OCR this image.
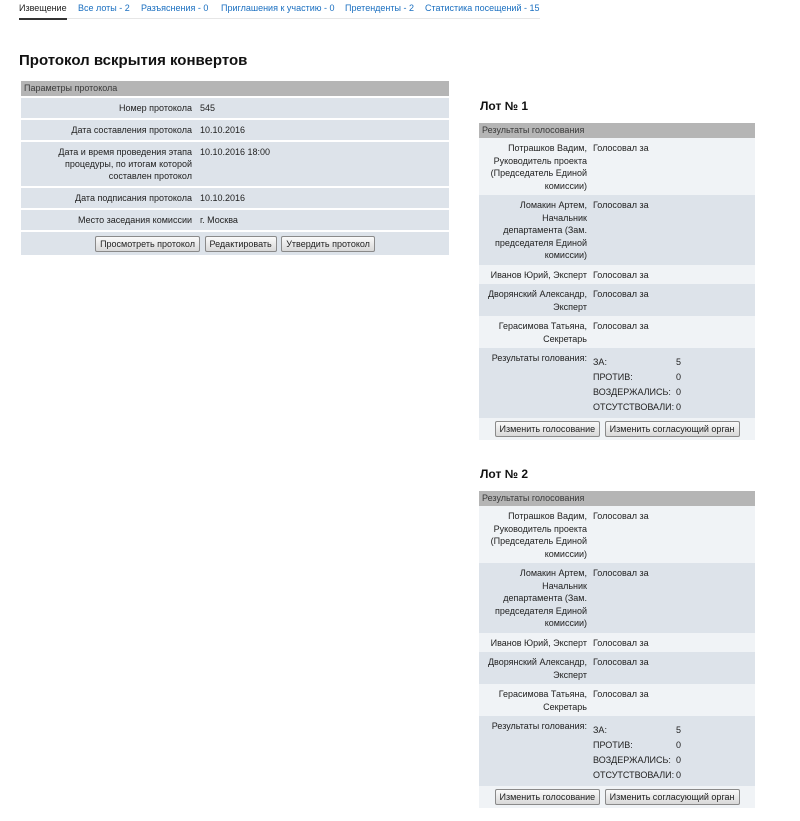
Извещение Все лоты - 2 Разъяснения - 0 Приглашения к участию - 0 Претенденты - 2 Статистика посещений - 15
Протокол вскрытия конвертов
Параметры протокола
Номер протокола 545
Дата составления протокола 10.10.2016
Дата и время проведения этапа процедуры, по итогам которой составлен протокол
10.10.2016 18:00
Дата подписания протокола 10.10.2016
Место заседания комиссии г. Москва
Просмотреть протокол Редактировать Утвердить протокол
Лот № 1
Результаты голосования
Потрашков Вадим, Руководитель проекта (Председатель Единой комиссии)
Голосовал за
Ломакин Артем, Начальник департамента (Зам. председателя Единой комиссии)
Голосовал за
Иванов Юрий, Эксперт Голосовал за
Дворянский Александр, Эксперт
Голосовал за
Герасимова Татьяна, Секретарь
Голосовал за
Результаты голования: ЗА:	5
ПРОТИВ:	0
ВОЗДЕРЖАЛИСЬ: 0
ОТСУТСТВОВАЛИ: 0
Изменить голосование Изменить согласующий орган
Лот № 2
Результаты голосования
Потрашков Вадим, Руководитель проекта (Председатель Единой комиссии)
Голосовал за
Ломакин Артем, Начальник департамента (Зам. председателя Единой комиссии)
Голосовал за
Иванов Юрий, Эксперт Голосовал за
Дворянский Александр, Эксперт
Голосовал за
Герасимова Татьяна, Секретарь
Голосовал за
Результаты голования: ЗА:	5
ПРОТИВ:	0
ВОЗДЕРЖАЛИСЬ: 0
ОТСУТСТВОВАЛИ: 0
Изменить голосование Изменить согласующий орган
